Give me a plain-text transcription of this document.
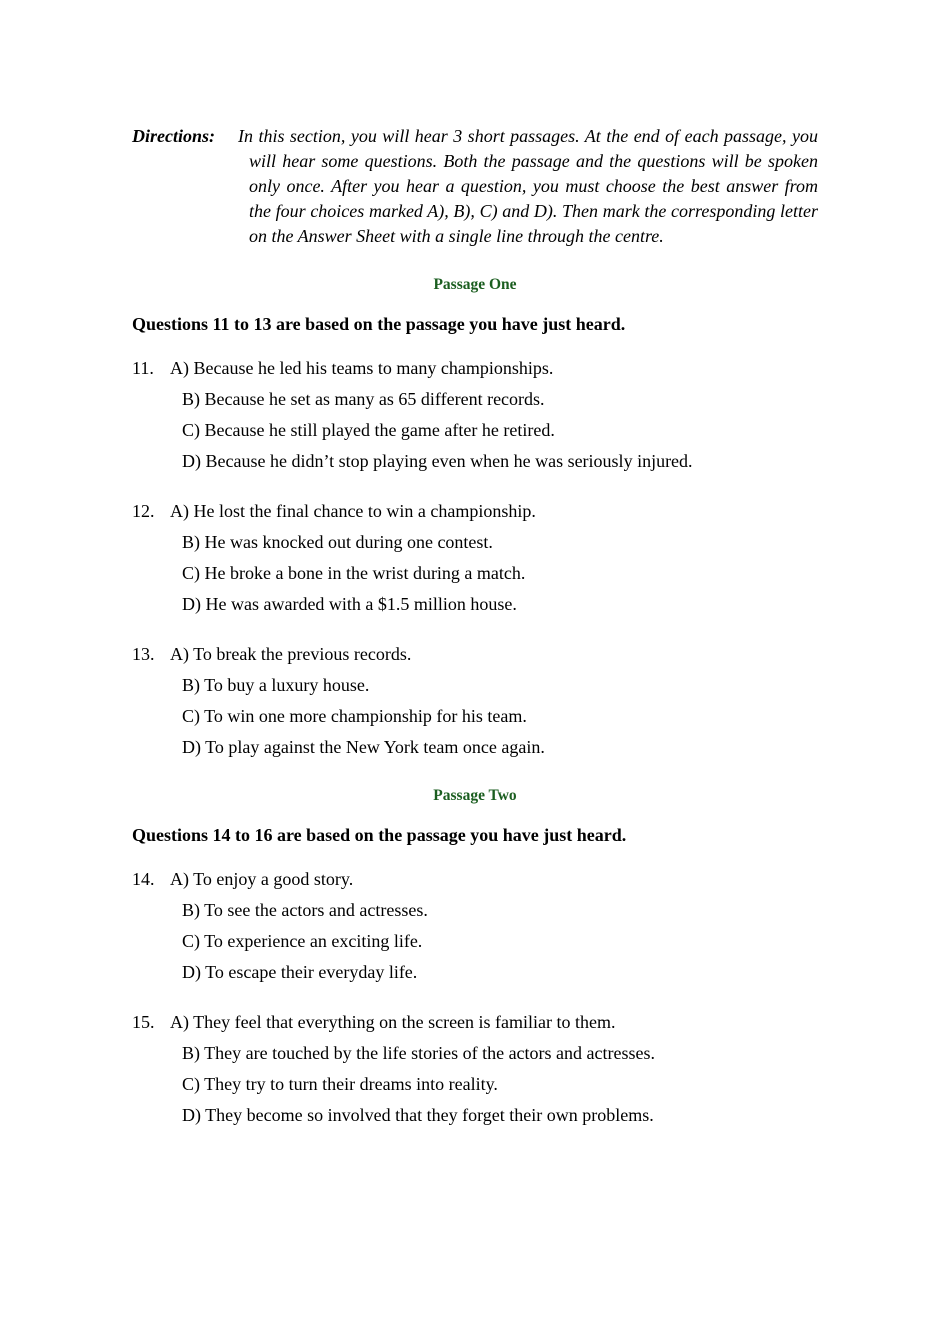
Directions: In this section, you will hear 3 short passages. At the end of each passage, you will hear some questions. Both the passage and the questions will be spoken only once. After you hear a question, you must choose the best answer from the four choices marked A), B), C) and D). Then mark the corresponding letter on the Answer Sheet with a single line through the centre.

Passage One

Questions 11 to 13 are based on the passage you have just heard.

11. A) Because he led his teams to many championships.
B) Because he set as many as 65 different records.
C) Because he still played the game after he retired.
D) Because he didn’t stop playing even when he was seriously injured.
12. A) He lost the final chance to win a championship.
B) He was knocked out during one contest.
C) He broke a bone in the wrist during a match.
D) He was awarded with a $1.5 million house.
13. A) To break the previous records.
B) To buy a luxury house.
C) To win one more championship for his team.
D) To play against the New York team once again.

Passage Two

Questions 14 to 16 are based on the passage you have just heard.

14. A) To enjoy a good story.
B) To see the actors and actresses.
C) To experience an exciting life.
D) To escape their everyday life.
15. A) They feel that everything on the screen is familiar to them.
B) They are touched by the life stories of the actors and actresses.
C) They try to turn their dreams into reality.
D) They become so involved that they forget their own problems.
